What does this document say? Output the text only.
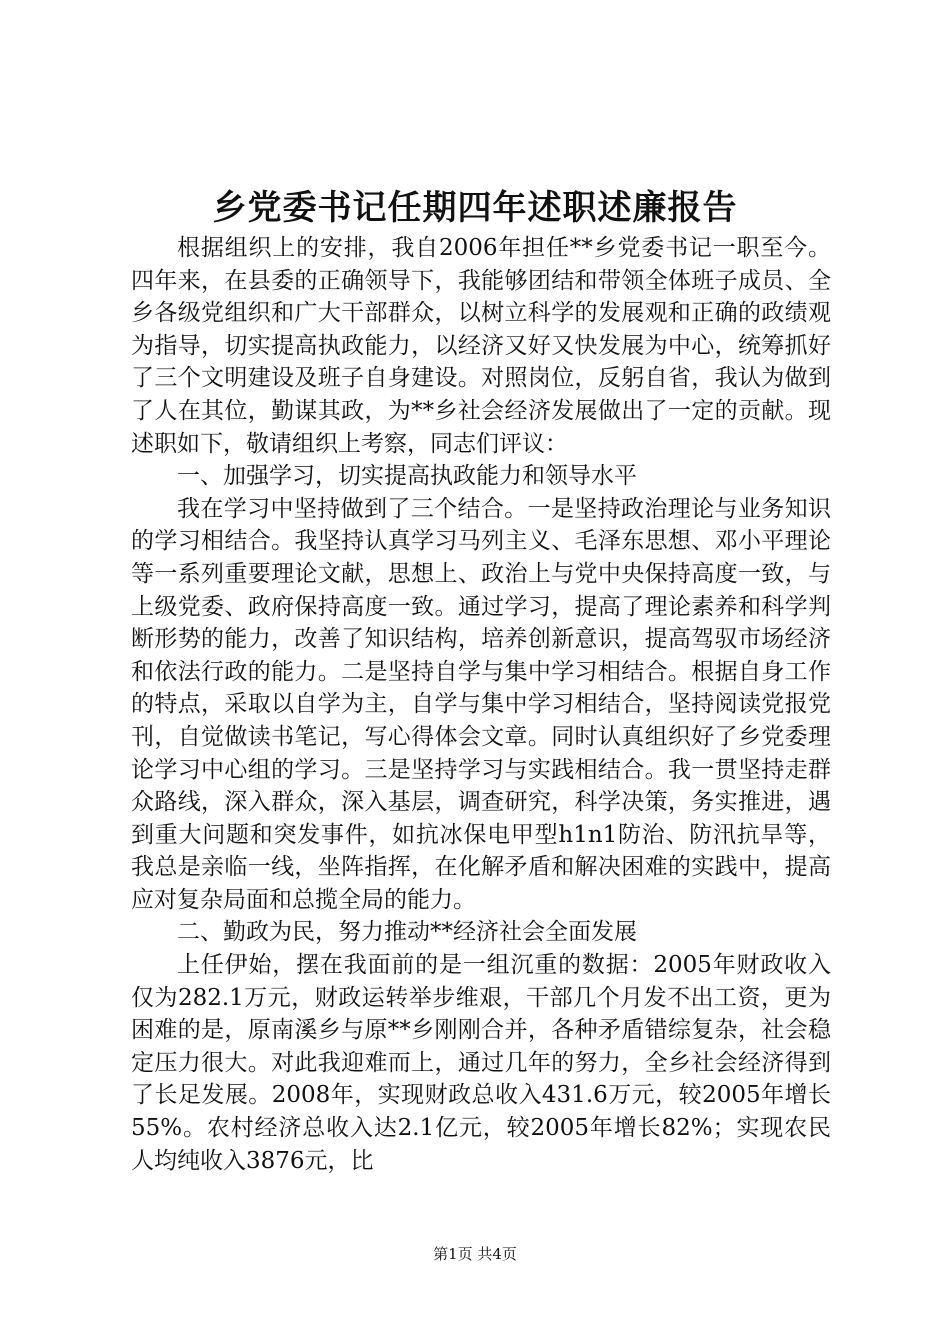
乡党委书记任期四年述职述廉报告

根据组织上的安排，我自2006年担任**乡党委书记一职至今。四年来，在县委的正确领导下，我能够团结和带领全体班子成员、全乡各级党组织和广大干部群众，以树立科学的发展观和正确的政绩观为指导，切实提高执政能力，以经济又好又快发展为中心，统筹抓好了三个文明建设及班子自身建设。对照岗位，反躬自省，我认为做到了人在其位，勤谋其政，为**乡社会经济发展做出了一定的贡献。现述职如下，敬请组织上考察，同志们评议：

一、加强学习，切实提高执政能力和领导水平

我在学习中坚持做到了三个结合。一是坚持政治理论与业务知识的学习相结合。我坚持认真学习马列主义、毛泽东思想、邓小平理论等一系列重要理论文献，思想上、政治上与党中央保持高度一致，与上级党委、政府保持高度一致。通过学习，提高了理论素养和科学判断形势的能力，改善了知识结构，培养创新意识，提高驾驭市场经济和依法行政的能力。二是坚持自学与集中学习相结合。根据自身工作的特点，采取以自学为主，自学与集中学习相结合，坚持阅读党报党刊，自觉做读书笔记，写心得体会文章。同时认真组织好了乡党委理论学习中心组的学习。三是坚持学习与实践相结合。我一贯坚持走群众路线，深入群众，深入基层，调查研究，科学决策，务实推进，遇到重大问题和突发事件，如抗冰保电甲型h1n1防治、防汛抗旱等，我总是亲临一线，坐阵指挥，在化解矛盾和解决困难的实践中，提高应对复杂局面和总揽全局的能力。

二、勤政为民，努力推动**经济社会全面发展

上任伊始，摆在我面前的是一组沉重的数据：2005年财政收入仅为282.1万元，财政运转举步维艰，干部几个月发不出工资，更为困难的是，原南溪乡与原**乡刚刚合并，各种矛盾错综复杂，社会稳定压力很大。对此我迎难而上，通过几年的努力，全乡社会经济得到了长足发展。2008年，实现财政总收入431.6万元，较2005年增长55%。农村经济总收入达2.1亿元，较2005年增长82%；实现农民人均纯收入3876元，比

第1页 共4页
